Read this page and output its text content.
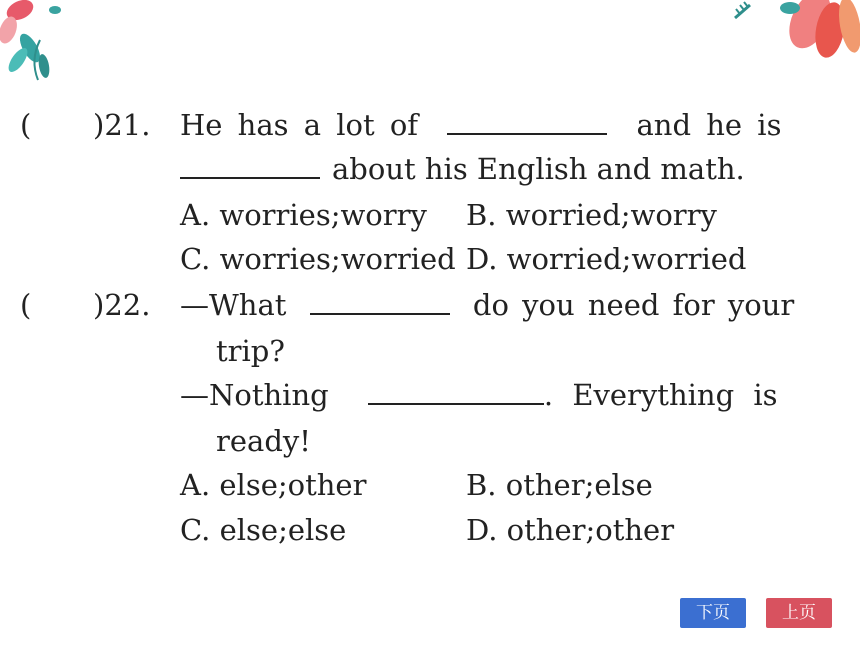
( )21. He has a lot of	and he is
about his English and math.
A. worries;worry B. worried;worry
C. worries;worried D. worried;worried
( )22. —What	do you need for your
trip?
—Nothing	. Everything is
ready!
A. else;other	B. other;else
C. else;else	D. other;other
下页	上页
